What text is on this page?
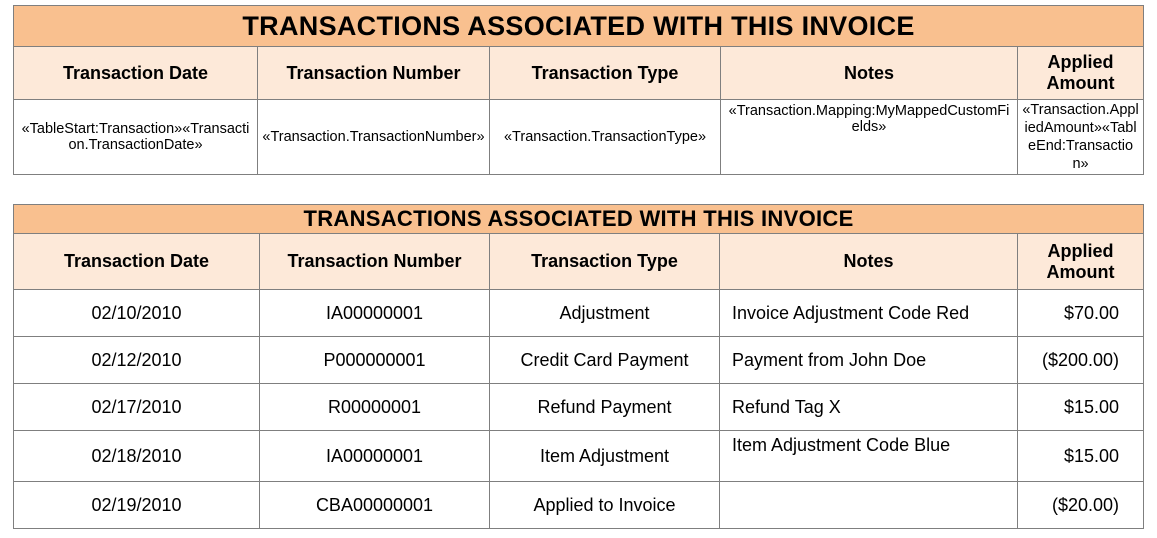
TRANSACTIONS ASSOCIATED WITH THIS INVOICE				
Transaction Date	Transaction Number	Transaction Type	Notes	Applied Amount
«TableStart:Transaction»«Transaction.TransactionDate»	«Transaction.TransactionNumber»	«Transaction.TransactionType»	«Transaction.Mapping:MyMappedCustomFields»	«Transaction.AppliedAmount»«TableEnd:Transaction»
TRANSACTIONS ASSOCIATED WITH THIS INVOICE				
Transaction Date	Transaction Number	Transaction Type	Notes	Applied Amount
02/10/2010	IA00000001	Adjustment	Invoice Adjustment Code Red	$70.00
02/12/2010	P000000001	Credit Card Payment	Payment from John Doe	($200.00)
02/17/2010	R00000001	Refund Payment	Refund Tag X	$15.00
02/18/2010	IA00000001	Item Adjustment	Item Adjustment Code Blue	$15.00
02/19/2010	CBA00000001	Applied to Invoice		($20.00)
